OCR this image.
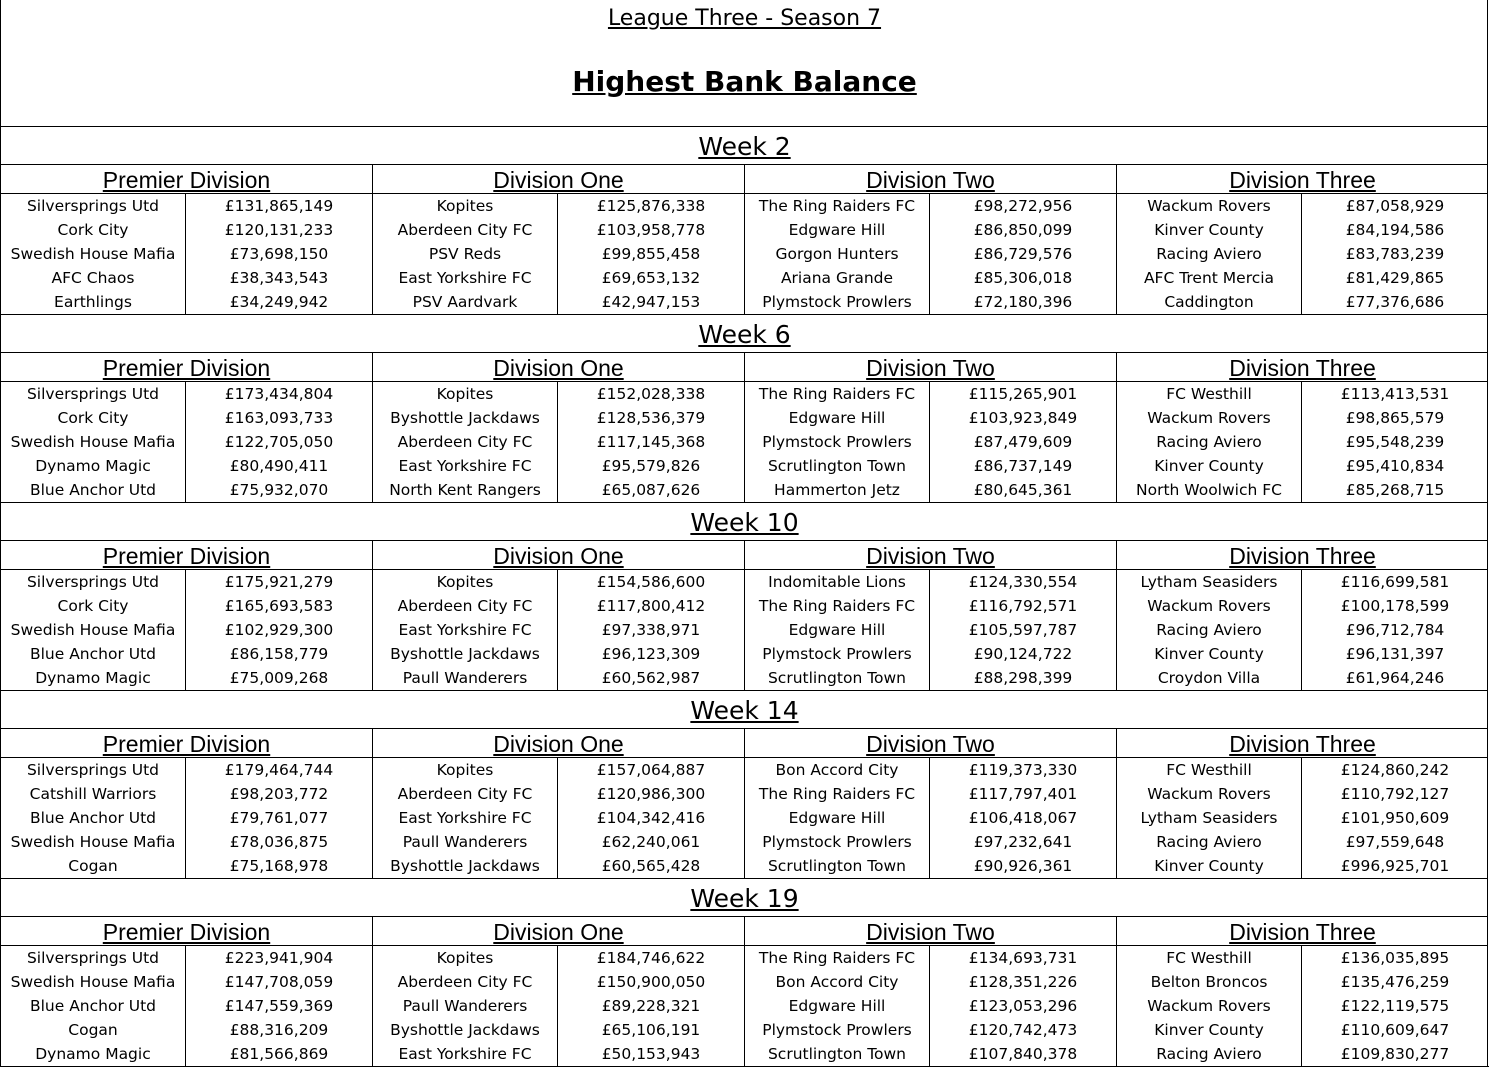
League Three - Season 7
Highest Bank Balance
Week 2
Premier Division
Silversprings Utd	£131,865,149
Cork City	£120,131,233
Swedish House Mafia	£73,698,150
AFC Chaos	£38,343,543
Earthlings	£34,249,942
Division One
Kopites	£125,876,338
Aberdeen City FC	£103,958,778
PSV Reds	£99,855,458
East Yorkshire FC	£69,653,132
PSV Aardvark	£42,947,153
Division Two
The Ring Raiders FC	£98,272,956
Edgware Hill	£86,850,099
Gorgon Hunters	£86,729,576
Ariana Grande	£85,306,018
Plymstock Prowlers	£72,180,396
Division Three
Wackum Rovers	£87,058,929
Kinver County	£84,194,586
Racing Aviero	£83,783,239
AFC Trent Mercia	£81,429,865
Caddington	£77,376,686
Week 6
Premier Division
Silversprings Utd	£173,434,804
Cork City	£163,093,733
Swedish House Mafia	£122,705,050
Dynamo Magic	£80,490,411
Blue Anchor Utd	£75,932,070
Division One
Kopites	£152,028,338
Byshottle Jackdaws	£128,536,379
Aberdeen City FC	£117,145,368
East Yorkshire FC	£95,579,826
North Kent Rangers	£65,087,626
Division Two
The Ring Raiders FC	£115,265,901
Edgware Hill	£103,923,849
Plymstock Prowlers	£87,479,609
Scrutlington Town	£86,737,149
Hammerton Jetz	£80,645,361
Division Three
FC Westhill	£113,413,531
Wackum Rovers	£98,865,579
Racing Aviero	£95,548,239
Kinver County	£95,410,834
North Woolwich FC	£85,268,715
Week 10
Premier Division
Silversprings Utd	£175,921,279
Cork City	£165,693,583
Swedish House Mafia	£102,929,300
Blue Anchor Utd	£86,158,779
Dynamo Magic	£75,009,268
Division One
Kopites	£154,586,600
Aberdeen City FC	£117,800,412
East Yorkshire FC	£97,338,971
Byshottle Jackdaws	£96,123,309
Paull Wanderers	£60,562,987
Division Two
Indomitable Lions	£124,330,554
The Ring Raiders FC	£116,792,571
Edgware Hill	£105,597,787
Plymstock Prowlers	£90,124,722
Scrutlington Town	£88,298,399
Division Three
Lytham Seasiders	£116,699,581
Wackum Rovers	£100,178,599
Racing Aviero	£96,712,784
Kinver County	£96,131,397
Croydon Villa	£61,964,246
Week 14
Premier Division
Silversprings Utd	£179,464,744
Catshill Warriors	£98,203,772
Blue Anchor Utd	£79,761,077
Swedish House Mafia	£78,036,875
Cogan	£75,168,978
Division One
Kopites	£157,064,887
Aberdeen City FC	£120,986,300
East Yorkshire FC	£104,342,416
Paull Wanderers	£62,240,061
Byshottle Jackdaws	£60,565,428
Division Two
Bon Accord City	£119,373,330
The Ring Raiders FC	£117,797,401
Edgware Hill	£106,418,067
Plymstock Prowlers	£97,232,641
Scrutlington Town	£90,926,361
Division Three
FC Westhill	£124,860,242
Wackum Rovers	£110,792,127
Lytham Seasiders	£101,950,609
Racing Aviero	£97,559,648
Kinver County	£996,925,701
Week 19
Premier Division
Silversprings Utd	£223,941,904
Swedish House Mafia	£147,708,059
Blue Anchor Utd	£147,559,369
Cogan	£88,316,209
Dynamo Magic	£81,566,869
Division One
Kopites	£184,746,622
Aberdeen City FC	£150,900,050
Paull Wanderers	£89,228,321
Byshottle Jackdaws	£65,106,191
East Yorkshire FC	£50,153,943
Division Two
The Ring Raiders FC	£134,693,731
Bon Accord City	£128,351,226
Edgware Hill	£123,053,296
Plymstock Prowlers	£120,742,473
Scrutlington Town	£107,840,378
Division Three
FC Westhill	£136,035,895
Belton Broncos	£135,476,259
Wackum Rovers	£122,119,575
Kinver County	£110,609,647
Racing Aviero	£109,830,277
